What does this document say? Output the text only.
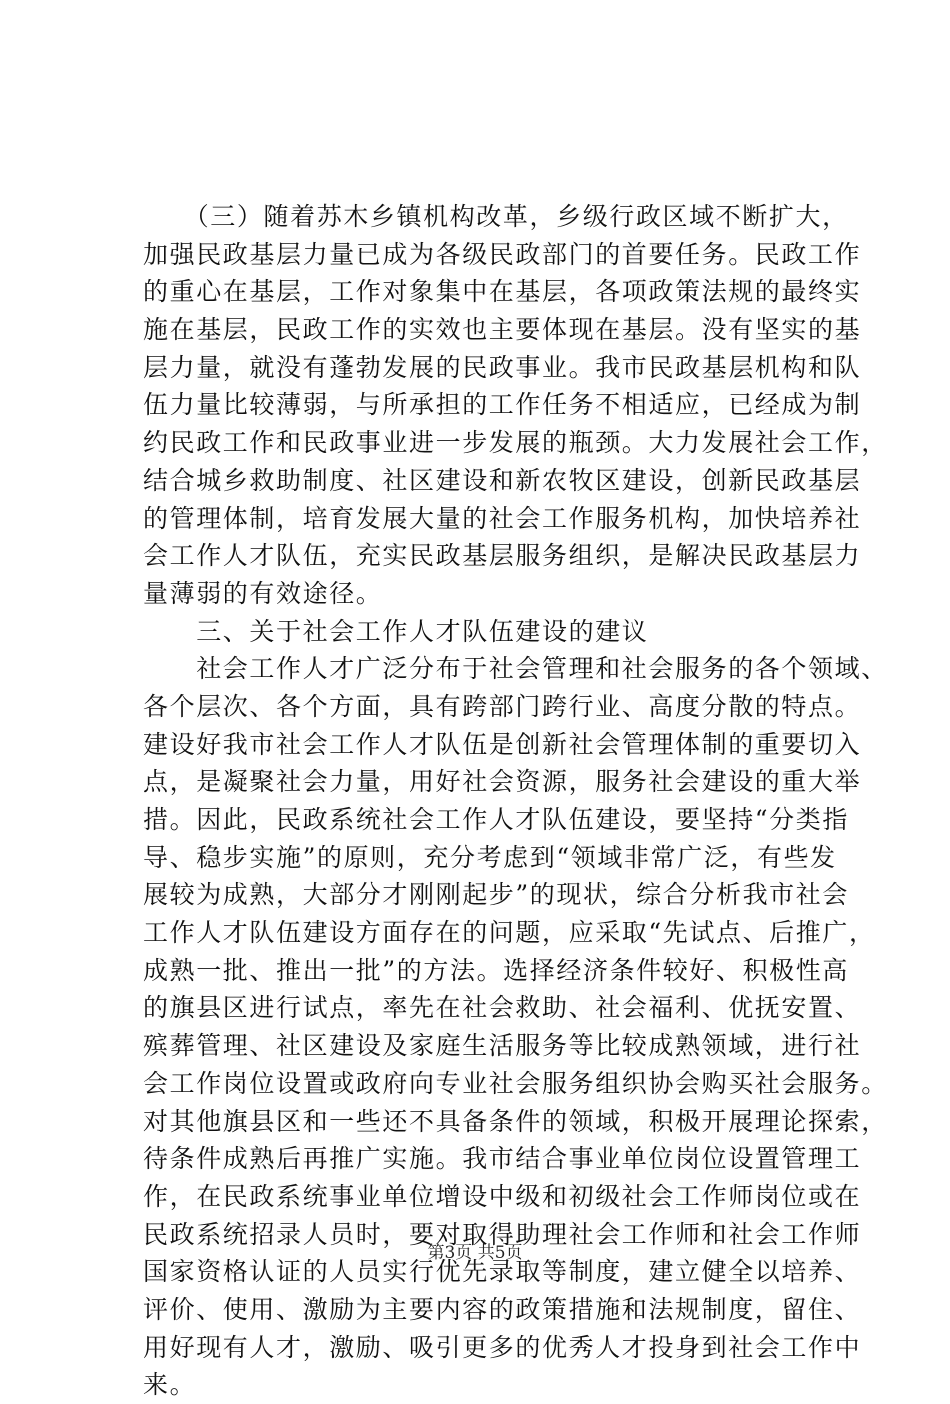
　　（三）随着苏木乡镇机构改革，乡级行政区域不断扩大，
加强民政基层力量已成为各级民政部门的首要任务。民政工作
的重心在基层，工作对象集中在基层，各项政策法规的最终实
施在基层，民政工作的实效也主要体现在基层。没有坚实的基
层力量，就没有蓬勃发展的民政事业。我市民政基层机构和队
伍力量比较薄弱，与所承担的工作任务不相适应，已经成为制
约民政工作和民政事业进一步发展的瓶颈。大力发展社会工作，
结合城乡救助制度、社区建设和新农牧区建设，创新民政基层
的管理体制，培育发展大量的社会工作服务机构，加快培养社
会工作人才队伍，充实民政基层服务组织，是解决民政基层力
量薄弱的有效途径。
　　三、关于社会工作人才队伍建设的建议
　　社会工作人才广泛分布于社会管理和社会服务的各个领域、
各个层次、各个方面，具有跨部门跨行业、高度分散的特点。
建设好我市社会工作人才队伍是创新社会管理体制的重要切入
点，是凝聚社会力量，用好社会资源，服务社会建设的重大举
措。因此，民政系统社会工作人才队伍建设，要坚持“分类指
导、稳步实施”的原则，充分考虑到“领域非常广泛，有些发
展较为成熟，大部分才刚刚起步”的现状，综合分析我市社会
工作人才队伍建设方面存在的问题，应采取“先试点、后推广，
成熟一批、推出一批”的方法。选择经济条件较好、积极性高
的旗县区进行试点，率先在社会救助、社会福利、优抚安置、
殡葬管理、社区建设及家庭生活服务等比较成熟领域，进行社
会工作岗位设置或政府向专业社会服务组织协会购买社会服务。
对其他旗县区和一些还不具备条件的领域，积极开展理论探索，
待条件成熟后再推广实施。我市结合事业单位岗位设置管理工
作，在民政系统事业单位增设中级和初级社会工作师岗位或在
民政系统招录人员时，要对取得助理社会工作师和社会工作师
国家资格认证的人员实行优先录取等制度，建立健全以培养、
评价、使用、激励为主要内容的政策措施和法规制度，留住、
用好现有人才，激励、吸引更多的优秀人才投身到社会工作中
来。
第3页 共5页
